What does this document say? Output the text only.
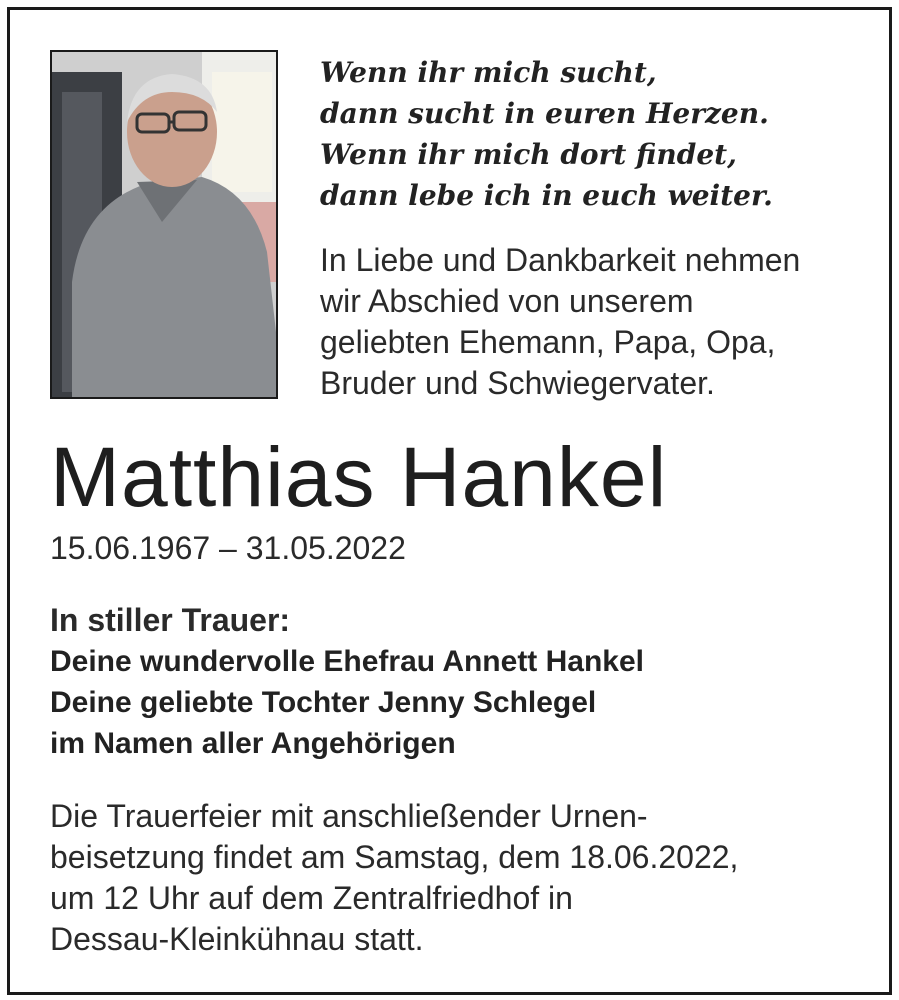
Wenn ihr mich sucht,
dann sucht in euren Herzen.
Wenn ihr mich dort findet,
dann lebe ich in euch weiter.
In Liebe und Dankbarkeit nehmen
wir Abschied von unserem
geliebten Ehemann, Papa, Opa,
Bruder und Schwiegervater.
Matthias Hankel
15.06.1967 – 31.05.2022
In stiller Trauer:
Deine wundervolle Ehefrau Annett Hankel
Deine geliebte Tochter Jenny Schlegel
im Namen aller Angehörigen
Die Trauerfeier mit anschließender Urnen-
beisetzung findet am Samstag, dem 18.06.2022,
um 12 Uhr auf dem Zentralfriedhof in
Dessau-Kleinkühnau statt.
